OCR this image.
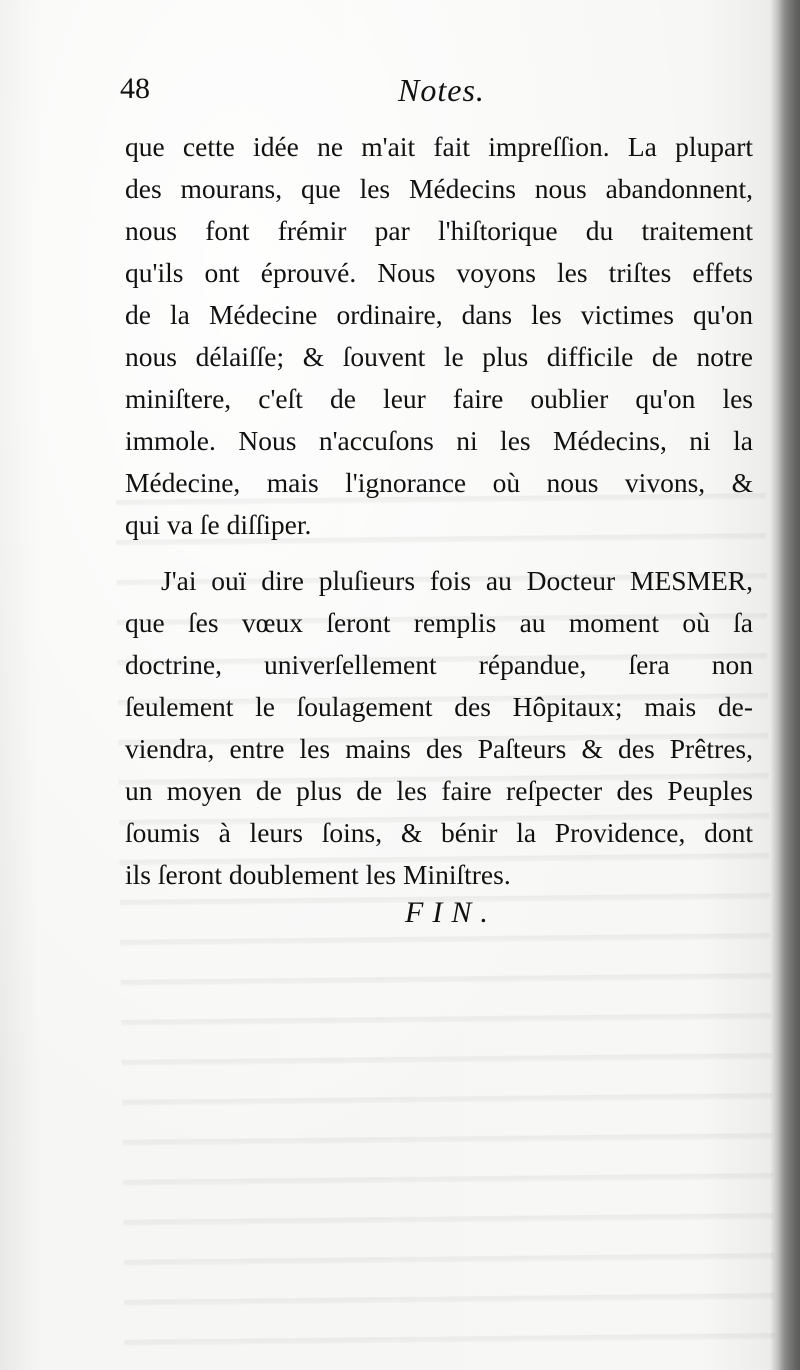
48	Notes.
que cette idée ne m'ait fait impreſſion. La plupart
des mourans, que les Médecins nous abandonnent,
nous font frémir par l'hiſtorique du traitement
qu'ils ont éprouvé. Nous voyons les triſtes effets
de la Médecine ordinaire, dans les victimes qu'on
nous délaiſſe; & ſouvent le plus difficile de notre
miniſtere, c'eſt de leur faire oublier qu'on les
immole. Nous n'accuſons ni les Médecins, ni la
Médecine, mais l'ignorance où nous vivons, &
qui va ſe diſſiper.
J'ai ouï dire pluſieurs fois au Docteur MESMER,
que ſes vœux ſeront remplis au moment où ſa
doctrine, univerſellement répandue, ſera non
ſeulement le ſoulagement des Hôpitaux; mais de-
viendra, entre les mains des Paſteurs & des Prêtres,
un moyen de plus de les faire reſpecter des Peuples
ſoumis à leurs ſoins, & bénir la Providence, dont
ils ſeront doublement les Miniſtres.
FIN.
